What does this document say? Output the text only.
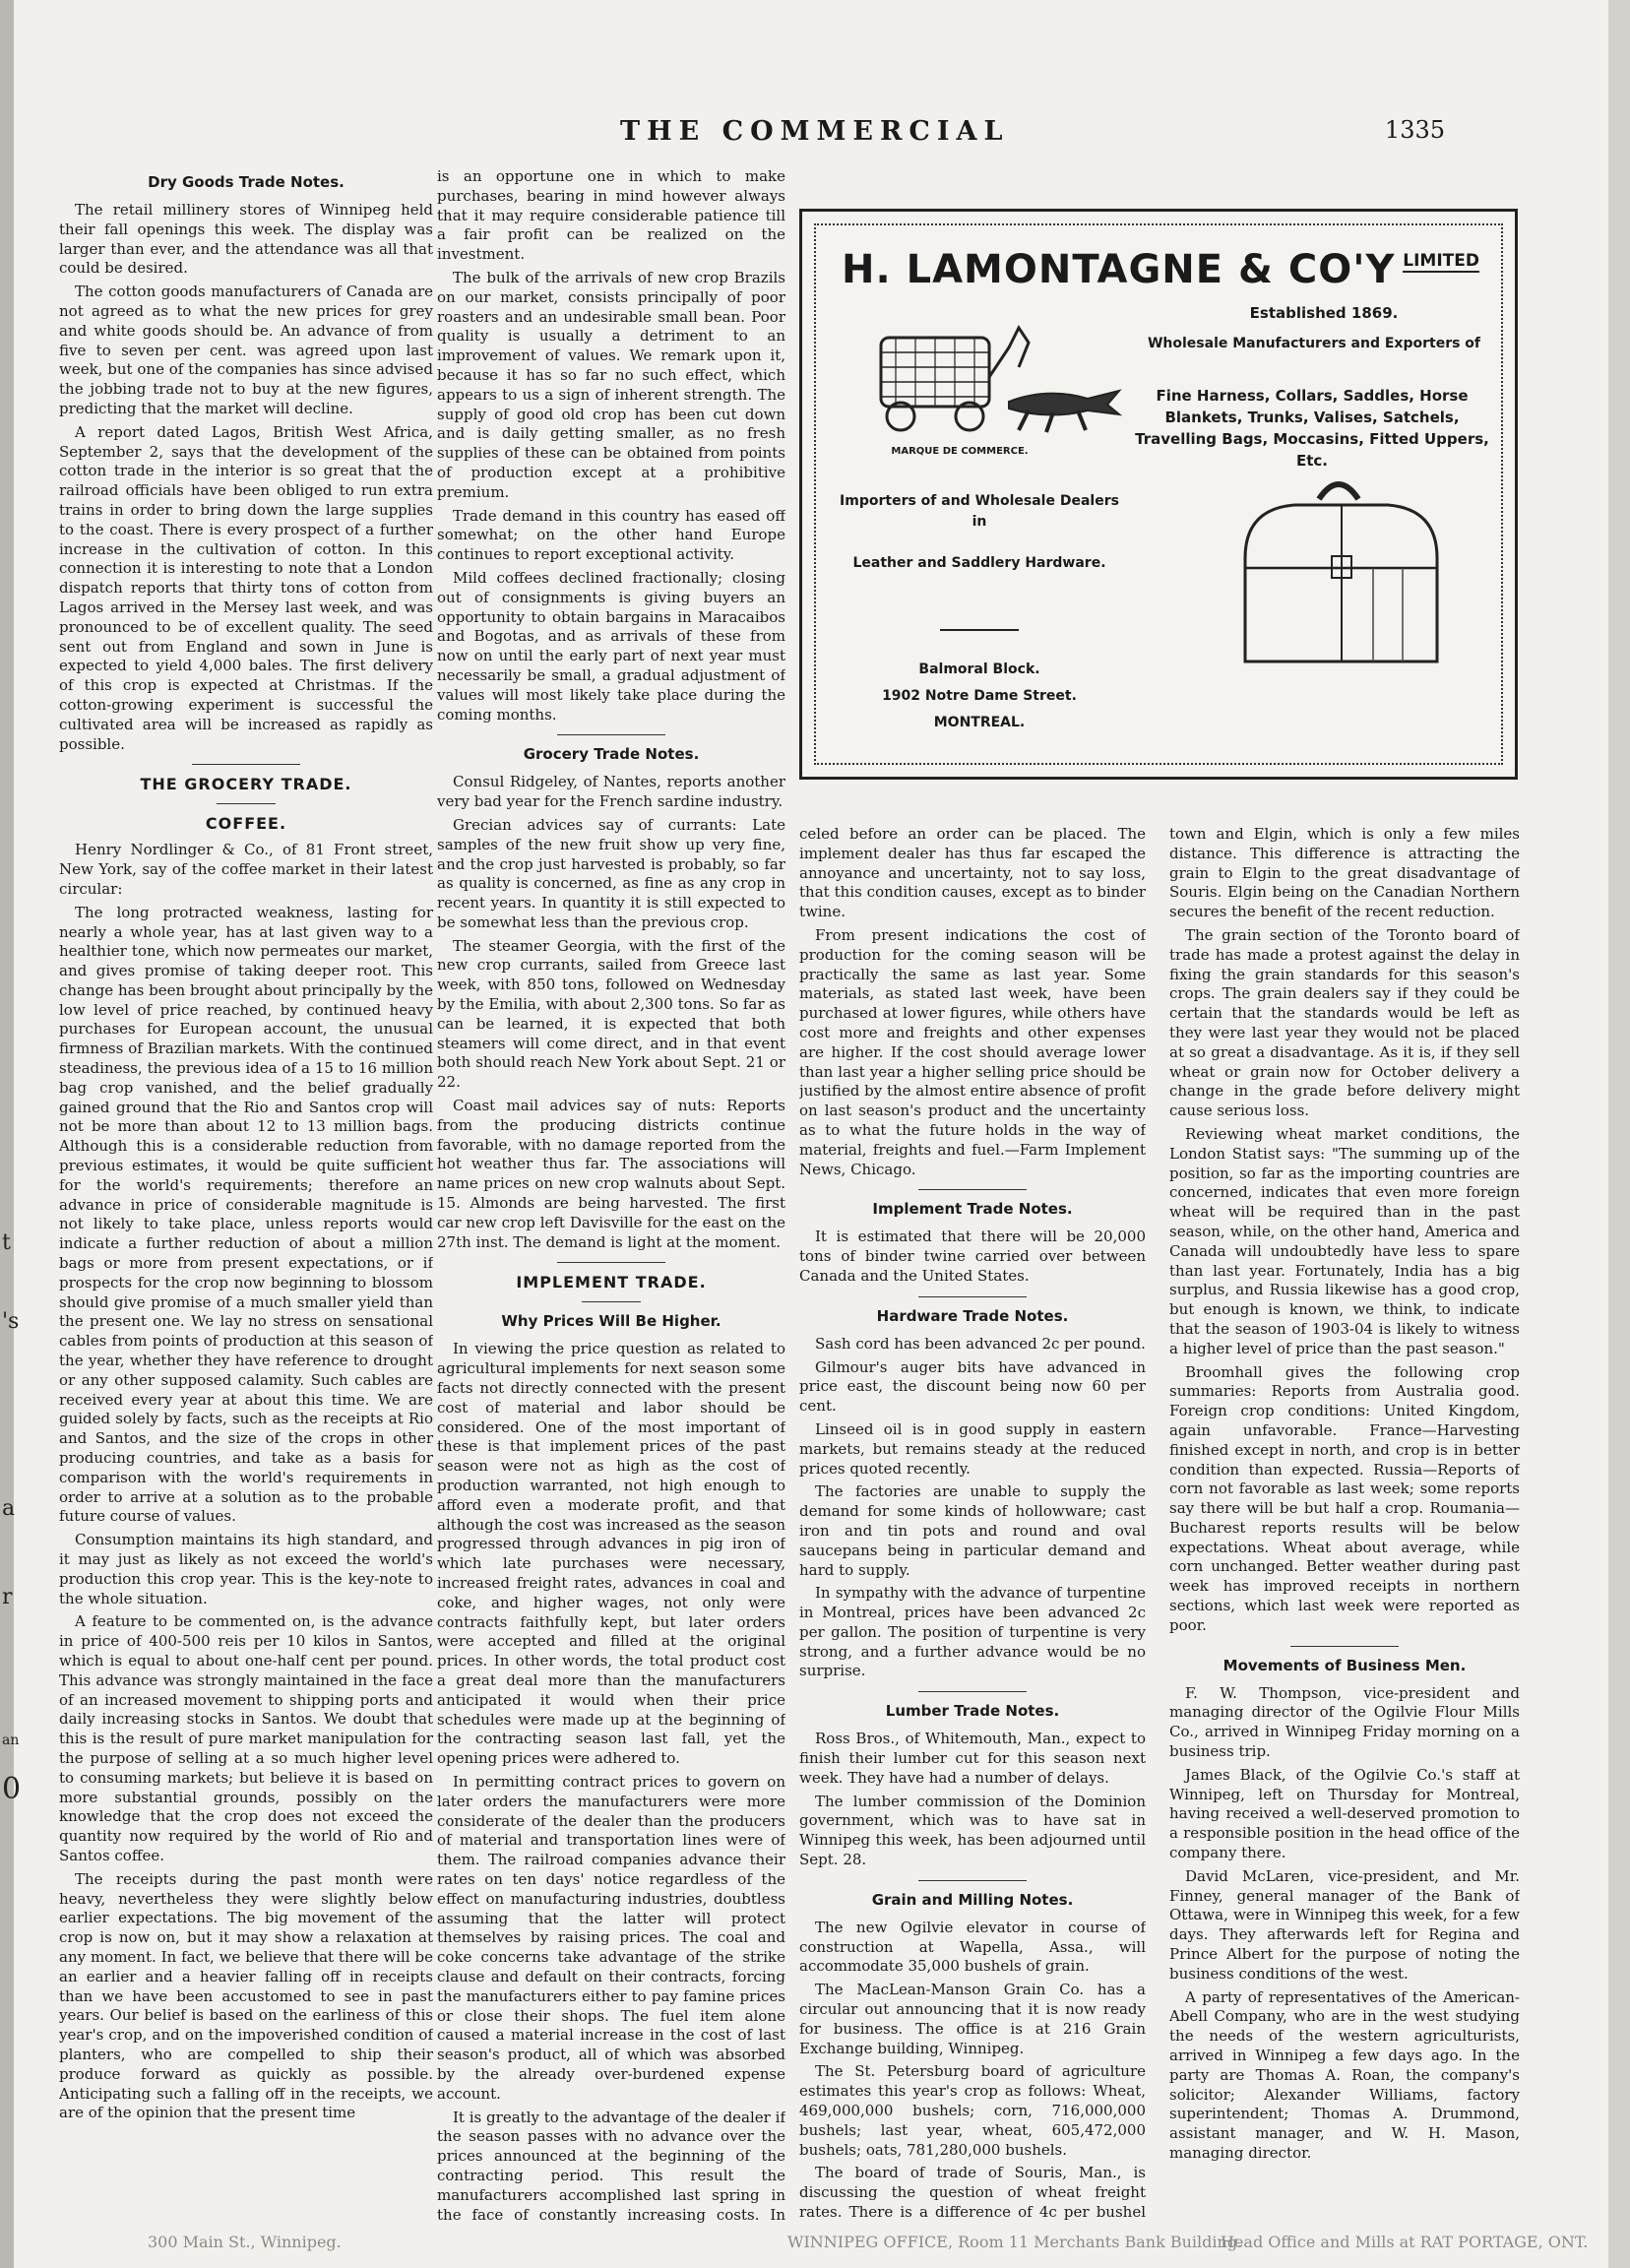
t
's
a
r
an
0
THE COMMERCIAL	1335
Dry Goods Trade Notes.

The retail millinery stores of Winnipeg held their fall openings this week. The display was larger than ever, and the attendance was all that could be desired.

The cotton goods manufacturers of Canada are not agreed as to what the new prices for grey and white goods should be. An advance of from five to seven per cent. was agreed upon last week, but one of the companies has since advised the jobbing trade not to buy at the new figures, predicting that the market will decline.

A report dated Lagos, British West Africa, September 2, says that the development of the cotton trade in the interior is so great that the railroad officials have been obliged to run extra trains in order to bring down the large supplies to the coast. There is every prospect of a further increase in the cultivation of cotton. In this connection it is interesting to note that a London dispatch reports that thirty tons of cotton from Lagos arrived in the Mersey last week, and was pronounced to be of excellent quality. The seed sent out from England and sown in June is expected to yield 4,000 bales. The first delivery of this crop is expected at Christmas. If the cotton-growing experiment is successful the cultivated area will be increased as rapidly as possible.

THE GROCERY TRADE.
COFFEE.

Henry Nordlinger & Co., of 81 Front street, New York, say of the coffee market in their latest circular:

The long protracted weakness, lasting for nearly a whole year, has at last given way to a healthier tone, which now permeates our market, and gives promise of taking deeper root. This change has been brought about principally by the low level of price reached, by continued heavy purchases for European account, the unusual firmness of Brazilian markets. With the continued steadiness, the previous idea of a 15 to 16 million bag crop vanished, and the belief gradually gained ground that the Rio and Santos crop will not be more than about 12 to 13 million bags. Although this is a considerable reduction from previous estimates, it would be quite sufficient for the world's requirements; therefore an advance in price of considerable magnitude is not likely to take place, unless reports would indicate a further reduction of about a million bags or more from present expectations, or if prospects for the crop now beginning to blossom should give promise of a much smaller yield than the present one. We lay no stress on sensational cables from points of production at this season of the year, whether they have reference to drought or any other supposed calamity. Such cables are received every year at about this time. We are guided solely by facts, such as the receipts at Rio and Santos, and the size of the crops in other producing countries, and take as a basis for comparison with the world's requirements in order to arrive at a solution as to the probable future course of values.

Consumption maintains its high standard, and it may just as likely as not exceed the world's production this crop year. This is the key-note to the whole situation.

A feature to be commented on, is the advance in price of 400-500 reis per 10 kilos in Santos, which is equal to about one-half cent per pound. This advance was strongly maintained in the face of an increased movement to shipping ports and daily increasing stocks in Santos. We doubt that this is the result of pure market manipulation for the purpose of selling at a so much higher level to consuming markets; but believe it is based on more substantial grounds, possibly on the knowledge that the crop does not exceed the quantity now required by the world of Rio and Santos coffee.

The receipts during the past month were heavy, nevertheless they were slightly below earlier expectations. The big movement of the crop is now on, but it may show a relaxation at any moment. In fact, we believe that there will be an earlier and a heavier falling off in receipts than we have been accustomed to see in past years. Our belief is based on the earliness of this year's crop, and on the impoverished condition of planters, who are compelled to ship their produce forward as quickly as possible. Anticipating such a falling off in the receipts, we are of the opinion that the present time

is an opportune one in which to make purchases, bearing in mind however always that it may require considerable patience till a fair profit can be realized on the investment.

The bulk of the arrivals of new crop Brazils on our market, consists principally of poor roasters and an undesirable small bean. Poor quality is usually a detriment to an improvement of values. We remark upon it, because it has so far no such effect, which appears to us a sign of inherent strength. The supply of good old crop has been cut down and is daily getting smaller, as no fresh supplies of these can be obtained from points of production except at a prohibitive premium.

Trade demand in this country has eased off somewhat; on the other hand Europe continues to report exceptional activity.

Mild coffees declined fractionally; closing out of consignments is giving buyers an opportunity to obtain bargains in Maracaibos and Bogotas, and as arrivals of these from now on until the early part of next year must necessarily be small, a gradual adjustment of values will most likely take place during the coming months.

Grocery Trade Notes.

Consul Ridgeley, of Nantes, reports another very bad year for the French sardine industry.

Grecian advices say of currants: Late samples of the new fruit show up very fine, and the crop just harvested is probably, so far as quality is concerned, as fine as any crop in recent years. In quantity it is still expected to be somewhat less than the previous crop.

The steamer Georgia, with the first of the new crop currants, sailed from Greece last week, with 850 tons, followed on Wednesday by the Emilia, with about 2,300 tons. So far as can be learned, it is expected that both steamers will come direct, and in that event both should reach New York about Sept. 21 or 22.

Coast mail advices say of nuts: Reports from the producing districts continue favorable, with no damage reported from the hot weather thus far. The associations will name prices on new crop walnuts about Sept. 15. Almonds are being harvested. The first car new crop left Davisville for the east on the 27th inst. The demand is light at the moment.

IMPLEMENT TRADE.
Why Prices Will Be Higher.

In viewing the price question as related to agricultural implements for next season some facts not directly connected with the present cost of material and labor should be considered. One of the most important of these is that implement prices of the past season were not as high as the cost of production warranted, not high enough to afford even a moderate profit, and that although the cost was increased as the season progressed through advances in pig iron of which late purchases were necessary, increased freight rates, advances in coal and coke, and higher wages, not only were contracts faithfully kept, but later orders were accepted and filled at the original prices. In other words, the total product cost a great deal more than the manufacturers anticipated it would when their price schedules were made up at the beginning of the contracting season last fall, yet the opening prices were adhered to.

In permitting contract prices to govern on later orders the manufacturers were more considerate of the dealer than the producers of material and transportation lines were of them. The railroad companies advance their rates on ten days' notice regardless of the effect on manufacturing industries, doubtless assuming that the latter will protect themselves by raising prices. The coal and coke concerns take advantage of the strike clause and default on their contracts, forcing the manufacturers either to pay famine prices or close their shops. The fuel item alone caused a material increase in the cost of last season's product, all of which was absorbed by the already over-burdened expense account.

It is greatly to the advantage of the dealer if the season passes with no advance over the prices announced at the beginning of the contracting period. This result the manufacturers accomplished last spring in the face of constantly increasing costs. In

H. LAMONTAGNE & CO'Y LIMITED
Established 1869.
Wholesale Manufacturers and Exporters of
Fine Harness, Collars, Saddles, Horse Blankets, Trunks, Valises, Satchels, Travelling Bags, Moccasins, Fitted Uppers, Etc.
MARQUE DE COMMERCE.
Importers of and Wholesale Dealers in
Leather and Saddlery Hardware.
Balmoral Block.
1902 Notre Dame Street.
MONTREAL.

celed before an order can be placed. The implement dealer has thus far escaped the annoyance and uncertainty, not to say loss, that this condition causes, except as to binder twine.

From present indications the cost of production for the coming season will be practically the same as last year. Some materials, as stated last week, have been purchased at lower figures, while others have cost more and freights and other expenses are higher. If the cost should average lower than last year a higher selling price should be justified by the almost entire absence of profit on last season's product and the uncertainty as to what the future holds in the way of material, freights and fuel.—Farm Implement News, Chicago.

Implement Trade Notes.

It is estimated that there will be 20,000 tons of binder twine carried over between Canada and the United States.

Hardware Trade Notes.

Sash cord has been advanced 2c per pound.

Gilmour's auger bits have advanced in price east, the discount being now 60 per cent.

Linseed oil is in good supply in eastern markets, but remains steady at the reduced prices quoted recently.

The factories are unable to supply the demand for some kinds of hollowware; cast iron and tin pots and round and oval saucepans being in particular demand and hard to supply.

In sympathy with the advance of turpentine in Montreal, prices have been advanced 2c per gallon. The position of turpentine is very strong, and a further advance would be no surprise.

Lumber Trade Notes.

Ross Bros., of Whitemouth, Man., expect to finish their lumber cut for this season next week. They have had a number of delays.

The lumber commission of the Dominion government, which was to have sat in Winnipeg this week, has been adjourned until Sept. 28.

Grain and Milling Notes.

The new Ogilvie elevator in course of construction at Wapella, Assa., will accommodate 35,000 bushels of grain.

The MacLean-Manson Grain Co. has a circular out announcing that it is now ready for business. The office is at 216 Grain Exchange building, Winnipeg.

The St. Petersburg board of agriculture estimates this year's crop as follows: Wheat, 469,000,000 bushels; corn, 716,000,000 bushels; last year, wheat, 605,472,000 bushels; oats, 781,280,000 bushels.

The board of trade of Souris, Man., is discussing the question of wheat freight rates. There is a difference of 4c per bushel

town and Elgin, which is only a few miles distance. This difference is attracting the grain to Elgin to the great disadvantage of Souris. Elgin being on the Canadian Northern secures the benefit of the recent reduction.

The grain section of the Toronto board of trade has made a protest against the delay in fixing the grain standards for this season's crops. The grain dealers say if they could be certain that the standards would be left as they were last year they would not be placed at so great a disadvantage. As it is, if they sell wheat or grain now for October delivery a change in the grade before delivery might cause serious loss.

Reviewing wheat market conditions, the London Statist says: "The summing up of the position, so far as the importing countries are concerned, indicates that even more foreign wheat will be required than in the past season, while, on the other hand, America and Canada will undoubtedly have less to spare than last year. Fortunately, India has a big surplus, and Russia likewise has a good crop, but enough is known, we think, to indicate that the season of 1903-04 is likely to witness a higher level of price than the past season."

Broomhall gives the following crop summaries: Reports from Australia good. Foreign crop conditions: United Kingdom, again unfavorable. France—Harvesting finished except in north, and crop is in better condition than expected. Russia—Reports of corn not favorable as last week; some reports say there will be but half a crop. Roumania—Bucharest reports results will be below expectations. Wheat about average, while corn unchanged. Better weather during past week has improved receipts in northern sections, which last week were reported as poor.

Movements of Business Men.

F. W. Thompson, vice-president and managing director of the Ogilvie Flour Mills Co., arrived in Winnipeg Friday morning on a business trip.

James Black, of the Ogilvie Co.'s staff at Winnipeg, left on Thursday for Montreal, having received a well-deserved promotion to a responsible position in the head office of the company there.

David McLaren, vice-president, and Mr. Finney, general manager of the Bank of Ottawa, were in Winnipeg this week, for a few days. They afterwards left for Regina and Prince Albert for the purpose of noting the business conditions of the west.

A party of representatives of the American-Abell Company, who are in the west studying the needs of the western agriculturists, arrived in Winnipeg a few days ago. In the party are Thomas A. Roan, the company's solicitor; Alexander Williams, factory superintendent; Thomas A. Drummond, assistant manager, and W. H. Mason, managing director.

300 Main St., Winnipeg.	WINNIPEG OFFICE, Room 11 Merchants Bank Building.
Head Office and Mills at RAT PORTAGE, ONT.
